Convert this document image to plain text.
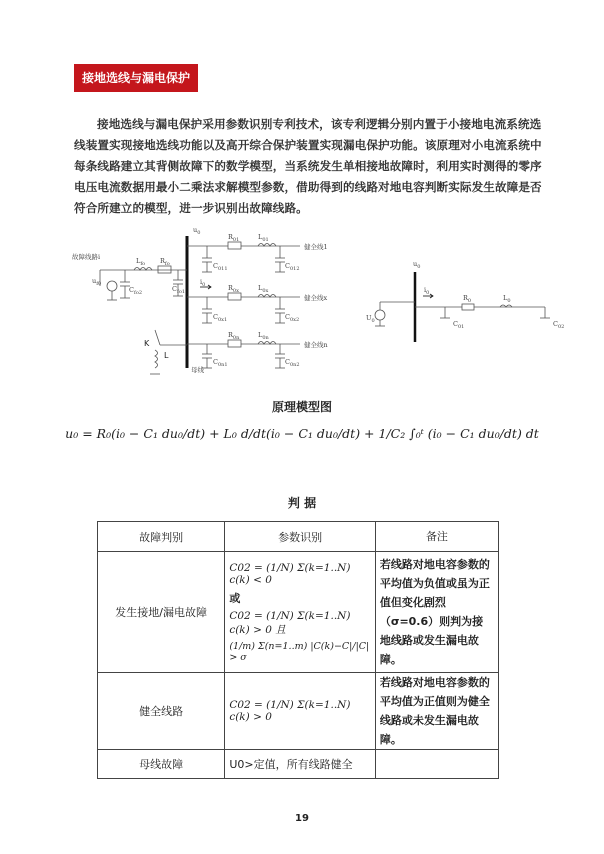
接地选线与漏电保护
接地选线与漏电保护采用参数识别专利技术，该专利逻辑分别内置于小接地电流系统选线装置实现接地选线功能以及高开综合保护装置实现漏电保护功能。该原理对小电流系统中每条线路建立其背侧故障下的数学模型，当系统发生单相接地故障时，利用实时测得的零序电压电流数据用最小二乘法求解模型参数，借助得到的线路对地电容判断实际发生故障是否符合所建立的模型，进一步识别出故障线路。
故障线路i
$u_0$
$u_{f0}$
$L_{fo}$ $R_{fo}$
$C_{fo2}$	$C_{fo1}$
$i_0$
$R_{01}$	$L_{01}$
$C_{011}$	$C_{012}$
健全线1
$R_{0x}$	$L_{0x}$
$C_{0x1}$	$C_{0x2}$
健全线x
$R_{0n}$	$L_{0n}$
$C_{0n1}$	$C_{0n2}$
健全线n
母线
K
L
$u_0$
$U_0$
$i_0$
$R_0$	$L_0$
$C_{01}$	$C_{02}$
原理模型图
u₀ = R₀(i₀ − C₁ du₀/dt) + L₀ d/dt(i₀ − C₁ du₀/dt) + 1/C₂ ∫₀ᵗ (i₀ − C₁ du₀/dt) dt
判 据
故障判别	参数识别	备注
发生接地/漏电故障	C02 = (1/N) Σ(k=1..N) c(k) < 0
或
C02 = (1/N) Σ(k=1..N) c(k) > 0 且
(1/m) Σ(n=1..m) |C(k)−C|/|C| > σ	若线路对地电容参数的平均值为负值或虽为正值但变化剧烈（σ=0.6）则判为接地线路或发生漏电故障。
健全线路	C02 = (1/N) Σ(k=1..N) c(k) > 0	若线路对地电容参数的平均值为正值则为健全线路或未发生漏电故障。
母线故障	U0>定值，所有线路健全	

19
